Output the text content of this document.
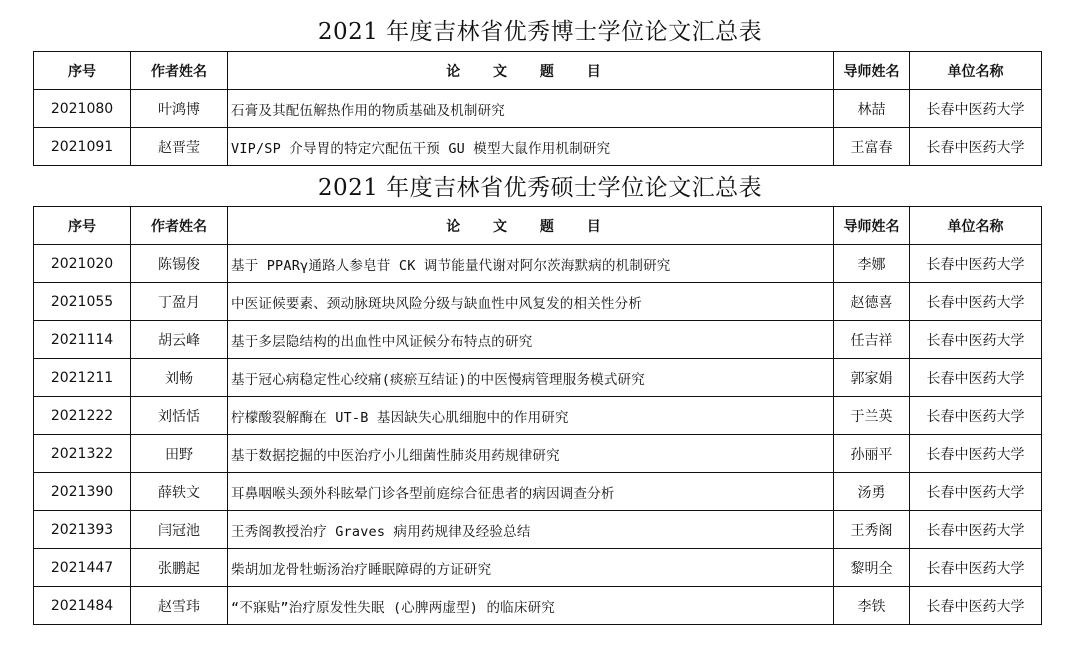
2021 年度吉林省优秀博士学位论文汇总表
序号	作者姓名	论 文 题 目	导师姓名	单位名称
2021080	叶鸿博	石膏及其配伍解热作用的物质基础及机制研究	林喆	长春中医药大学
2021091	赵晋莹	VIP/SP 介导胃的特定穴配伍干预 GU 模型大鼠作用机制研究	王富春	长春中医药大学
2021 年度吉林省优秀硕士学位论文汇总表
序号	作者姓名	论 文 题 目	导师姓名	单位名称
2021020	陈锡俊	基于 PPARγ通路人参皂苷 CK 调节能量代谢对阿尔茨海默病的机制研究	李娜	长春中医药大学
2021055	丁盈月	中医证候要素、颈动脉斑块风险分级与缺血性中风复发的相关性分析	赵德喜	长春中医药大学
2021114	胡云峰	基于多层隐结构的出血性中风证候分布特点的研究	任吉祥	长春中医药大学
2021211	刘畅	基于冠心病稳定性心绞痛(痰瘀互结证)的中医慢病管理服务模式研究	郭家娟	长春中医药大学
2021222	刘恬恬	柠檬酸裂解酶在 UT-B 基因缺失心肌细胞中的作用研究	于兰英	长春中医药大学
2021322	田野	基于数据挖掘的中医治疗小儿细菌性肺炎用药规律研究	孙丽平	长春中医药大学
2021390	薛轶文	耳鼻咽喉头颈外科眩晕门诊各型前庭综合征患者的病因调查分析	汤勇	长春中医药大学
2021393	闫冠池	王秀阁教授治疗 Graves 病用药规律及经验总结	王秀阁	长春中医药大学
2021447	张鹏起	柴胡加龙骨牡蛎汤治疗睡眠障碍的方证研究	黎明全	长春中医药大学
2021484	赵雪玮	“不寐贴”治疗原发性失眠 (心脾两虚型) 的临床研究	李铁	长春中医药大学
